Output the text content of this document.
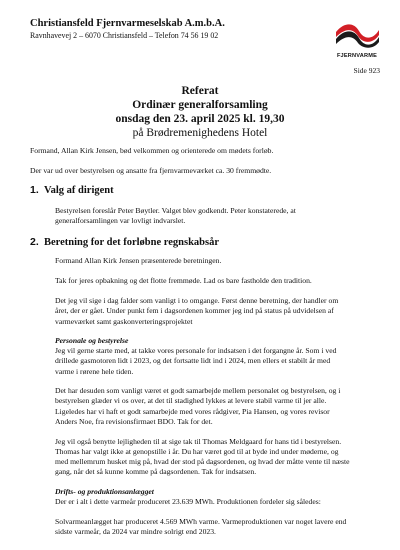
Christiansfeld Fjernvarmeselskab A.m.b.A.
Ravnhavevej 2 – 6070 Christiansfeld – Telefon 74 56 19 02
FJERNVARME
Side 923
Referat
Ordinær generalforsamling
onsdag den 23. april 2025 kl. 19,30
på Brødremenighedens Hotel
Formand, Allan Kirk Jensen, bød velkommen og orienterede om mødets forløb.
Der var ud over bestyrelsen og ansatte fra fjernvarmeværket ca. 30 fremmødte.
1. Valg af dirigent
Bestyrelsen foreslår Peter Bøytler. Valget blev godkendt. Peter konstaterede, at
generalforsamlingen var lovligt indvarslet.
2. Beretning for det forløbne regnskabsår
Formand Allan Kirk Jensen præsenterede beretningen.
Tak for jeres opbakning og det flotte fremmøde. Lad os bare fastholde den tradition.
Det jeg vil sige i dag falder som vanligt i to omgange. Først denne beretning, der handler om
året, der er gået. Under punkt fem i dagsordenen kommer jeg ind på status på udvidelsen af
varmeværket samt gaskonverteringsprojektet
Personale og bestyrelse
Jeg vil gerne starte med, at takke vores personale for indsatsen i det forgangne år. Som i ved
drillede gasmotoren lidt i 2023, og det fortsatte lidt ind i 2024, men ellers et stabilt år med
varme i rørene hele tiden.
Det har desuden som vanligt været et godt samarbejde mellem personalet og bestyrelsen, og i
bestyrelsen glæder vi os over, at det til stadighed lykkes at levere stabil varme til jer alle.
Ligeledes har vi haft et godt samarbejde med vores rådgiver, Pia Hansen, og vores revisor
Anders Noe, fra revisionsfirmaet BDO. Tak for det.
Jeg vil også benytte lejligheden til at sige tak til Thomas Meldgaard for hans tid i bestyrelsen.
Thomas har valgt ikke at genopstille i år. Du har været god til at byde ind under møderne, og
med mellemrum husket mig på, hvad der stod på dagsordenen, og hvad der måtte vente til næste
gang, når det så kunne komme på dagsordenen. Tak for indsatsen.
Drifts- og produktionsanlægget
Der er i alt i dette varmeår produceret 23.639 MWh. Produktionen fordeler sig således:
Solvarmeanlægget har produceret 4.569 MWh varme. Varmeproduktionen var noget lavere end
sidste varmeår, da 2024 var mindre solrigt end 2023.
